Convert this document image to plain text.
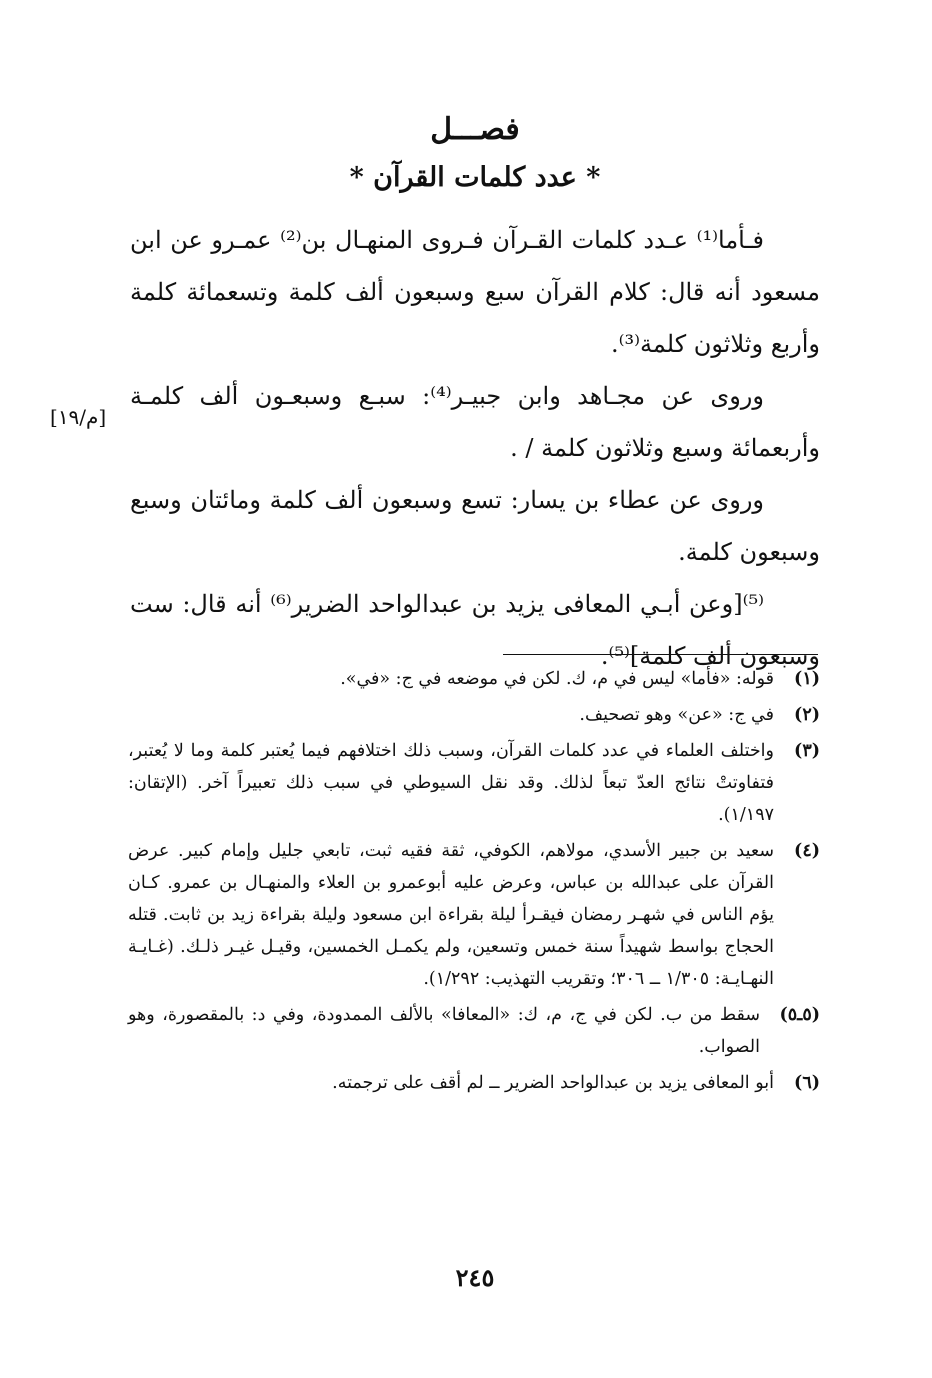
فصـــل
* عدد كلمات القرآن *

فـأما⁽¹⁾ عـدد كلمات القـرآن فـروى المنهـال بن⁽²⁾ عمـرو عن ابن مسعود أنه قال: كلام القرآن سبع وسبعون ألف كلمة وتسعمائة كلمة وأربع وثلاثون كلمة⁽³⁾.

وروى عن مجـاهد وابن جبيـر⁽⁴⁾: سبـع وسبعـون ألف كلمـة وأربعمائة وسبع وثلاثون كلمة / .

وروى عن عطاء بن يسار: تسع وسبعون ألف كلمة ومائتان وسبع وسبعون كلمة.

⁽⁵⁾[وعن أبـي المعافى يزيد بن عبدالواحد الضرير⁽⁶⁾ أنه قال: ست وسبعون ألف كلمة]⁽⁵⁾.

[م/١٩]
(١)
قوله: «فأما» ليس في م، ك. لكن في موضعه في ج: «في».
(٢)
في ج: «عن» وهو تصحيف.
(٣)
واختلف العلماء في عدد كلمات القرآن، وسبب ذلك اختلافهم فيما يُعتبر كلمة وما لا يُعتبر، فتفاوتتْ نتائج العدّ تبعاً لذلك. وقد نقل السيوطي في سبب ذلك تعبيراً آخر. (الإتقان: ١/١٩٧).
(٤)
سعيد بن جبير الأسدي، مولاهم، الكوفي، ثقة فقيه ثبت، تابعي جليل وإمام كبير. عرض القرآن على عبدالله بن عباس، وعرض عليه أبوعمرو بن العلاء والمنهـال بن عمرو. كـان يؤم الناس في شهـر رمضان فيقـرأ ليلة بقراءة ابن مسعود وليلة بقراءة زيد بن ثابت. قتله الحجاج بواسط شهيداً سنة خمس وتسعين، ولم يكمـل الخمسين، وقيـل غيـر ذلـك. (غـايـة النهـايـة: ١/٣٠٥ ــ ٣٠٦؛ وتقريب التهذيب: ١/٢٩٢).
(٥ـ٥)
سقط من ب. لكن في ج، م، ك: «المعافا» بالألف الممدودة، وفي د: بالمقصورة، وهو الصواب.
(٦)
أبو المعافى يزيد بن عبدالواحد الضرير ــ لم أقف على ترجمته.
٢٤٥
